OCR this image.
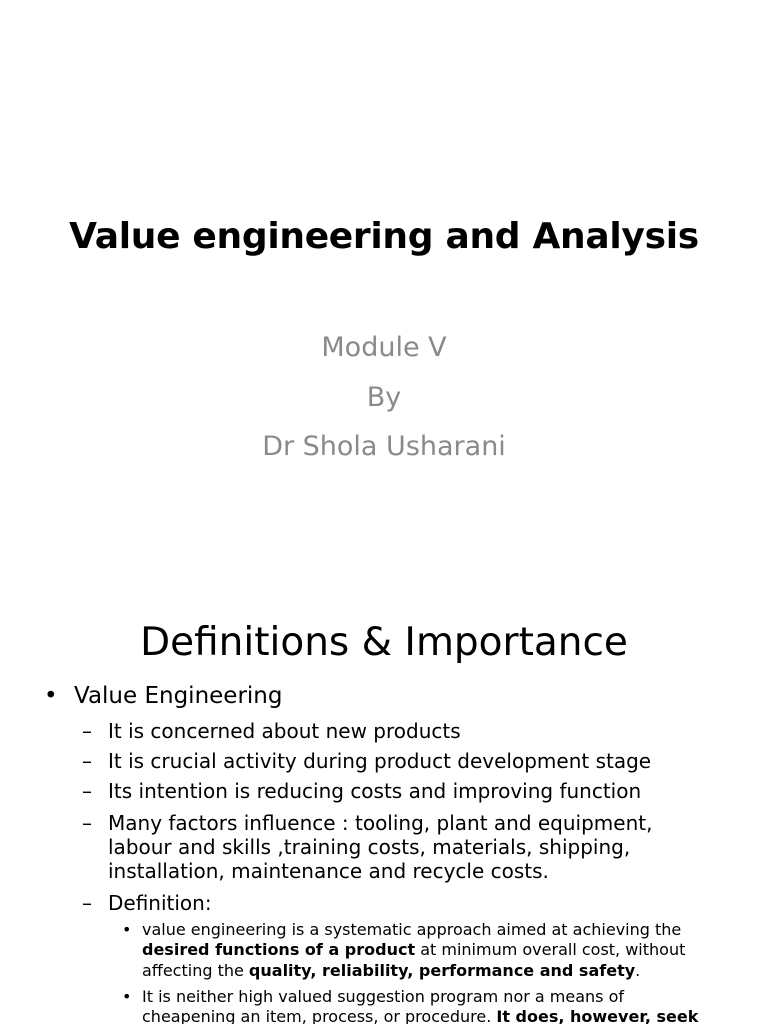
Value engineering and Analysis
Module V
By
Dr Shola Usharani
Definitions & Importance
• Value Engineering
– It is concerned about new products
– It is crucial activity during product development stage
– Its intention is reducing costs and improving function
– Many factors influence : tooling, plant and equipment,
labour and skills ,training costs, materials, shipping,
installation, maintenance and recycle costs.
– Definition:
• value engineering is a systematic approach aimed at achieving the
desired functions of a product at minimum overall cost, without
affecting the quality, reliability, performance and safety.
• It is neither high valued suggestion program nor a means of
cheapening an item, process, or procedure. It does, however, seek
